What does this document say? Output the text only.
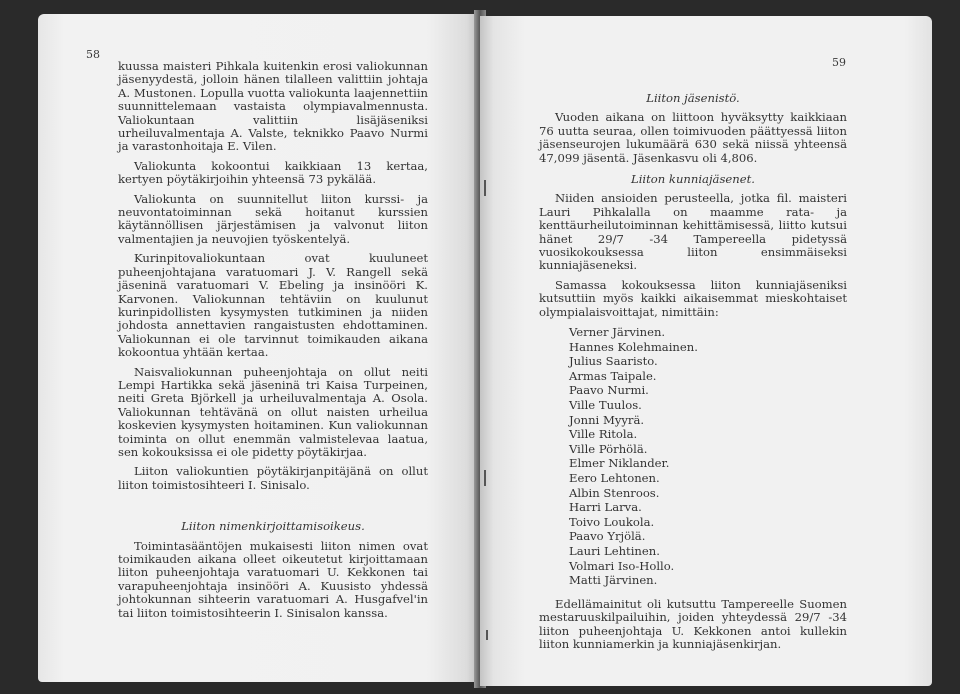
58
59

kuussa maisteri Pihkala kuitenkin erosi valiokunnan jäsenyydestä, jolloin hänen tilalleen valittiin johtaja A. Mustonen. Lopulla vuotta valiokunta laajennettiin suunnittelemaan vastaista olympiavalmennusta. Valiokuntaan valittiin lisäjäseniksi urheiluvalmentaja A. Valste, teknikko Paavo Nurmi ja varastonhoitaja E. Vilen.

Valiokunta kokoontui kaikkiaan 13 kertaa, kertyen pöytäkirjoihin yhteensä 73 pykälää.

Valiokunta on suunnitellut liiton kurssi- ja neuvontatoiminnan sekä hoitanut kurssien käytännöllisen järjestämisen ja valvonut liiton valmentajien ja neuvojien työskentelyä.

Kurinpitovaliokuntaan ovat kuuluneet puheenjohtajana varatuomari J. V. Rangell sekä jäseninä varatuomari V. Ebeling ja insinööri K. Karvonen. Valiokunnan tehtäviin on kuulunut kurinpidollisten kysymysten tutkiminen ja niiden johdosta annettavien rangaistusten ehdottaminen. Valiokunnan ei ole tarvinnut toimikauden aikana kokoontua yhtään kertaa.

Naisvaliokunnan puheenjohtaja on ollut neiti Lempi Hartikka sekä jäseninä tri Kaisa Turpeinen, neiti Greta Björkell ja urheiluvalmentaja A. Osola. Valiokunnan tehtävänä on ollut naisten urheilua koskevien kysymysten hoitaminen. Kun valiokunnan toiminta on ollut enemmän valmistelevaa laatua, sen kokouksissa ei ole pidetty pöytäkirjaa.

Liiton valiokuntien pöytäkirjanpitäjänä on ollut liiton toimistosihteeri I. Sinisalo.

Liiton nimenkirjoittamisoikeus.

Toimintasääntöjen mukaisesti liiton nimen ovat toimikauden aikana olleet oikeutetut kirjoittamaan liiton puheenjohtaja varatuomari U. Kekkonen tai varapuheenjohtaja insinööri A. Kuusisto yhdessä johtokunnan sihteerin varatuomari A. Husgafvel'in tai liiton toimistosihteerin I. Sinisalon kanssa.

Liiton jäsenistö.

Vuoden aikana on liittoon hyväksytty kaikkiaan 76 uutta seuraa, ollen toimivuoden päättyessä liiton jäsenseurojen lukumäärä 630 sekä niissä yhteensä 47,099 jäsentä. Jäsenkasvu oli 4,806.

Liiton kunniajäsenet.

Niiden ansioiden perusteella, jotka fil. maisteri Lauri Pihkalalla on maamme rata- ja kenttäurheilutoiminnan kehittämisessä, liitto kutsui hänet 29/7 -34 Tampereella pidetyssä vuosikokouksessa liiton ensimmäiseksi kunniajäseneksi.

Samassa kokouksessa liiton kunniajäseniksi kutsuttiin myös kaikki aikaisemmat mieskohtaiset olympialaisvoittajat, nimittäin:

Verner Järvinen.
Hannes Kolehmainen.
Julius Saaristo.
Armas Taipale.
Paavo Nurmi.
Ville Tuulos.
Jonni Myyrä.
Ville Ritola.
Ville Pörhölä.
Elmer Niklander.
Eero Lehtonen.
Albin Stenroos.
Harri Larva.
Toivo Loukola.
Paavo Yrjölä.
Lauri Lehtinen.
Volmari Iso-Hollo.
Matti Järvinen.

Edellämainitut oli kutsuttu Tampereelle Suomen mestaruuskilpailuihin, joiden yhteydessä 29/7 -34 liiton puheenjohtaja U. Kekkonen antoi kullekin liiton kunniamerkin ja kunniajäsenkirjan.
